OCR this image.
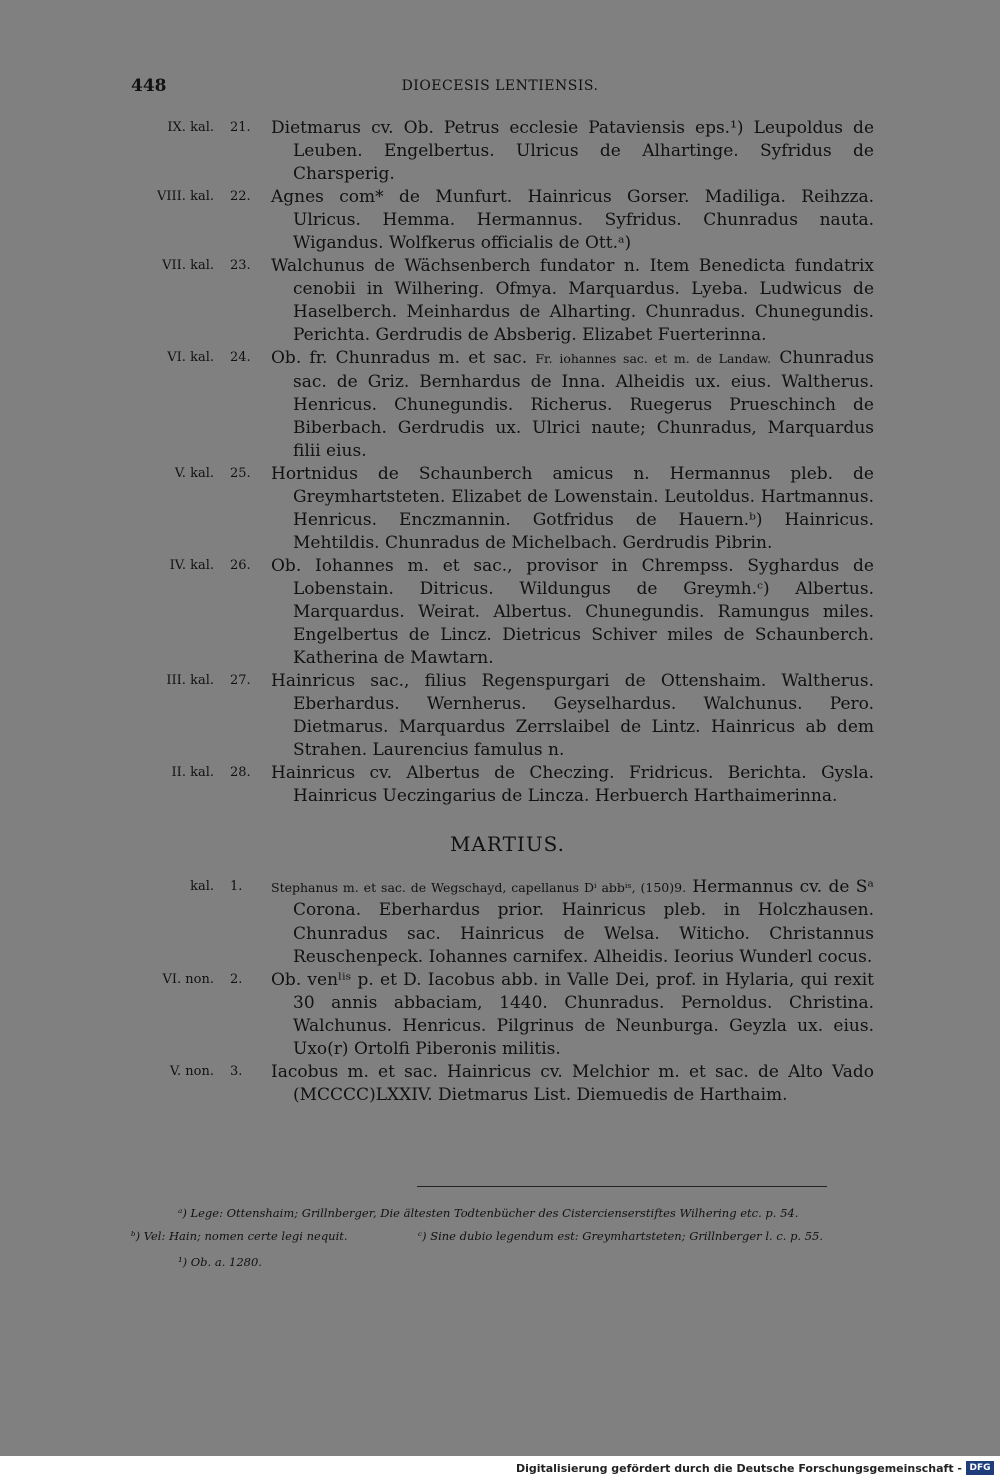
448	DIOECESIS LENTIENSIS.
IX. kal. 21. Dietmarus cv. Ob. Petrus ecclesie Pataviensis eps.¹) Leupoldus de Leuben. Engelbertus. Ulricus de Alhartinge. Syfridus de Charsperig.
VIII. kal. 22. Agnes com* de Munfurt. Hainricus Gorser. Madiliga. Reihzza. Ulricus. Hemma. Hermannus. Syfridus. Chunradus nauta. Wigandus. Wolfkerus officialis de Ott.ᵃ)
VII. kal. 23. Walchunus de Wächsenberch fundator n. Item Benedicta fundatrix cenobii in Wilhering. Ofmya. Marquardus. Lyeba. Ludwicus de Haselberch. Meinhardus de Alharting. Chunradus. Chunegundis. Perichta. Gerdrudis de Absberig. Elizabet Fuerterinna.
VI. kal. 24. Ob. fr. Chunradus m. et sac. Fr. iohannes sac. et m. de Landaw. Chunradus sac. de Griz. Bernhardus de Inna. Alheidis ux. eius. Waltherus. Henricus. Chunegundis. Richerus. Ruegerus Prueschinch de Biberbach. Gerdrudis ux. Ulrici naute; Chunradus, Marquardus filii eius.
V. kal. 25. Hortnidus de Schaunberch amicus n. Hermannus pleb. de Greymhartsteten. Elizabet de Lowenstain. Leutoldus. Hartmannus. Henricus. Enczmannin. Gotfridus de Hauern.ᵇ) Hainricus. Mehtildis. Chunradus de Michelbach. Gerdrudis Pibrin.
IV. kal. 26. Ob. Iohannes m. et sac., provisor in Chrempss. Syghardus de Lobenstain. Ditricus. Wildungus de Greymh.ᶜ) Albertus. Marquardus. Weirat. Albertus. Chunegundis. Ramungus miles. Engelbertus de Lincz. Dietricus Schiver miles de Schaunberch. Katherina de Mawtarn.
III. kal. 27. Hainricus sac., filius Regenspurgari de Ottenshaim. Waltherus. Eberhardus. Wernherus. Geyselhardus. Walchunus. Pero. Dietmarus. Marquardus Zerrslaibel de Lintz. Hainricus ab dem Strahen. Laurencius famulus n.
II. kal. 28. Hainricus cv. Albertus de Checzing. Fridricus. Berichta. Gysla. Hainricus Ueczingarius de Lincza. Herbuerch Harthaimerinna.
MARTIUS.
kal. 1. Stephanus m. et sac. de Wegschayd, capellanus Dⁱ abbⁱˢ, (150)9. Hermannus cv. de Sᵃ Corona. Eberhardus prior. Hainricus pleb. in Holczhausen. Chunradus sac. Hainricus de Welsa. Witicho. Christannus Reuschenpeck. Iohannes carnifex. Alheidis. Ieorius Wunderl cocus.
VI. non. 2. Ob. venˡⁱˢ p. et D. Iacobus abb. in Valle Dei, prof. in Hylaria, qui rexit 30 annis abbaciam, 1440. Chunradus. Pernoldus. Christina. Walchunus. Henricus. Pilgrinus de Neunburga. Geyzla ux. eius. Uxo(r) Ortolfi Piberonis militis.
V. non. 3. Iacobus m. et sac. Hainricus cv. Melchior m. et sac. de Alto Vado (MCCCC)LXXIV. Dietmarus List. Diemuedis de Harthaim.
ᵃ) Lege: Ottenshaim; Grillnberger, Die ältesten Todtenbücher des Cistercienserstiftes Wilhering etc. p. 54.
ᵇ) Vel: Hain; nomen certe legi nequit.	ᶜ) Sine dubio legendum est: Greymhartsteten; Grillnberger l. c. p. 55.
¹) Ob. a. 1280.
Digitalisierung gefördert durch die Deutsche Forschungsgemeinschaft - DFG
